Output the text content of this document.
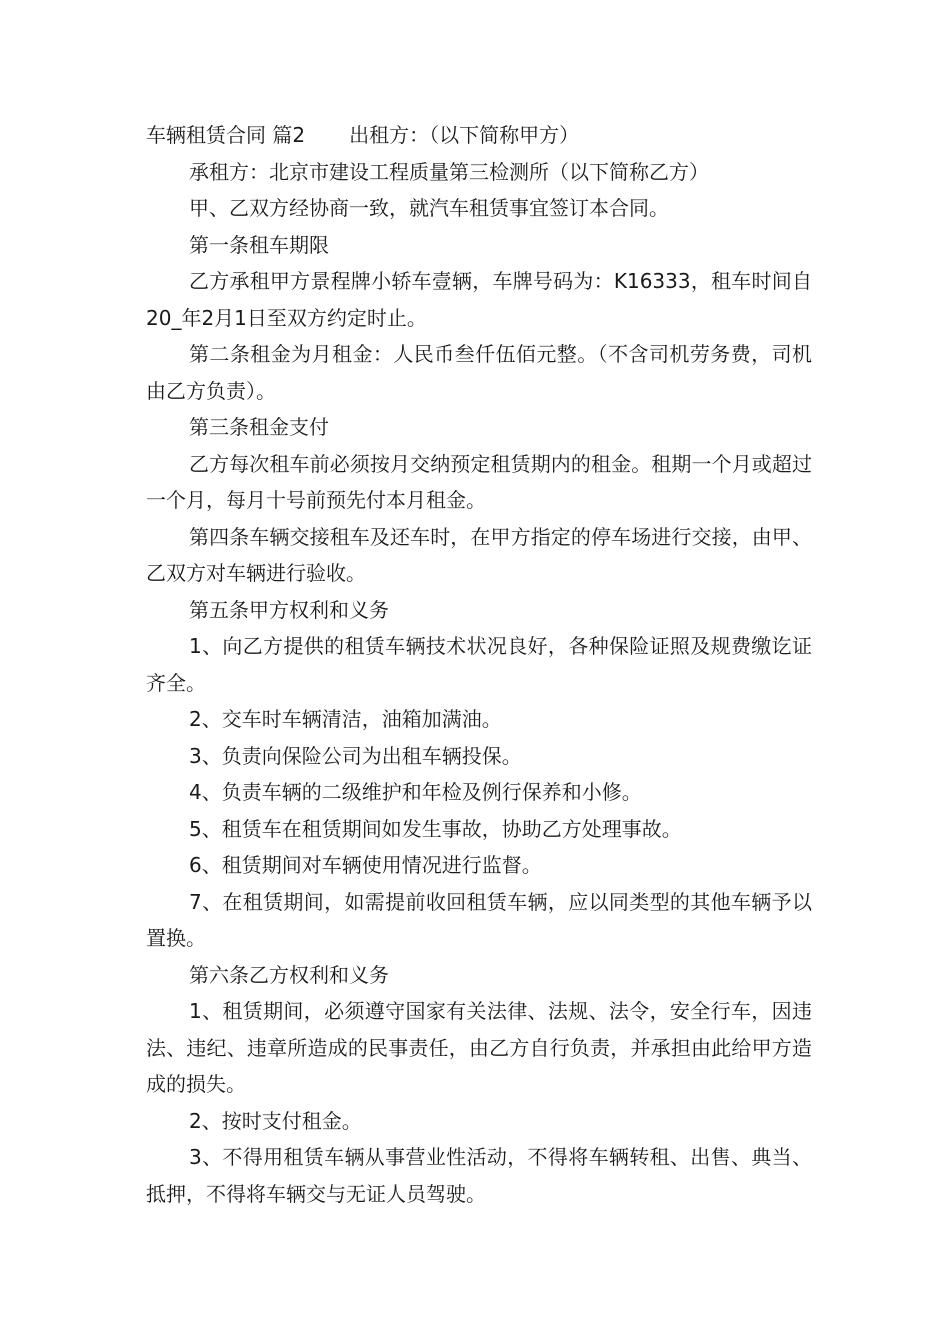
车辆租赁合同 篇2 出租方：（以下简称甲方）

承租方：北京市建设工程质量第三检测所（以下简称乙方）

甲、乙双方经协商一致，就汽车租赁事宜签订本合同。

第一条租车期限

乙方承租甲方景程牌小轿车壹辆，车牌号码为：K16333，租车时间自20_年2月1日至双方约定时止。

第二条租金为月租金：人民币叁仟伍佰元整。（不含司机劳务费，司机由乙方负责）。

第三条租金支付

乙方每次租车前必须按月交纳预定租赁期内的租金。租期一个月或超过一个月，每月十号前预先付本月租金。

第四条车辆交接租车及还车时，在甲方指定的停车场进行交接，由甲、乙双方对车辆进行验收。

第五条甲方权利和义务

1、向乙方提供的租赁车辆技术状况良好，各种保险证照及规费缴讫证齐全。

2、交车时车辆清洁，油箱加满油。

3、负责向保险公司为出租车辆投保。

4、负责车辆的二级维护和年检及例行保养和小修。

5、租赁车在租赁期间如发生事故，协助乙方处理事故。

6、租赁期间对车辆使用情况进行监督。

7、在租赁期间，如需提前收回租赁车辆，应以同类型的其他车辆予以置换。

第六条乙方权利和义务

1、租赁期间，必须遵守国家有关法律、法规、法令，安全行车，因违法、违纪、违章所造成的民事责任，由乙方自行负责，并承担由此给甲方造成的损失。

2、按时支付租金。

3、不得用租赁车辆从事营业性活动，不得将车辆转租、出售、典当、抵押，不得将车辆交与无证人员驾驶。
